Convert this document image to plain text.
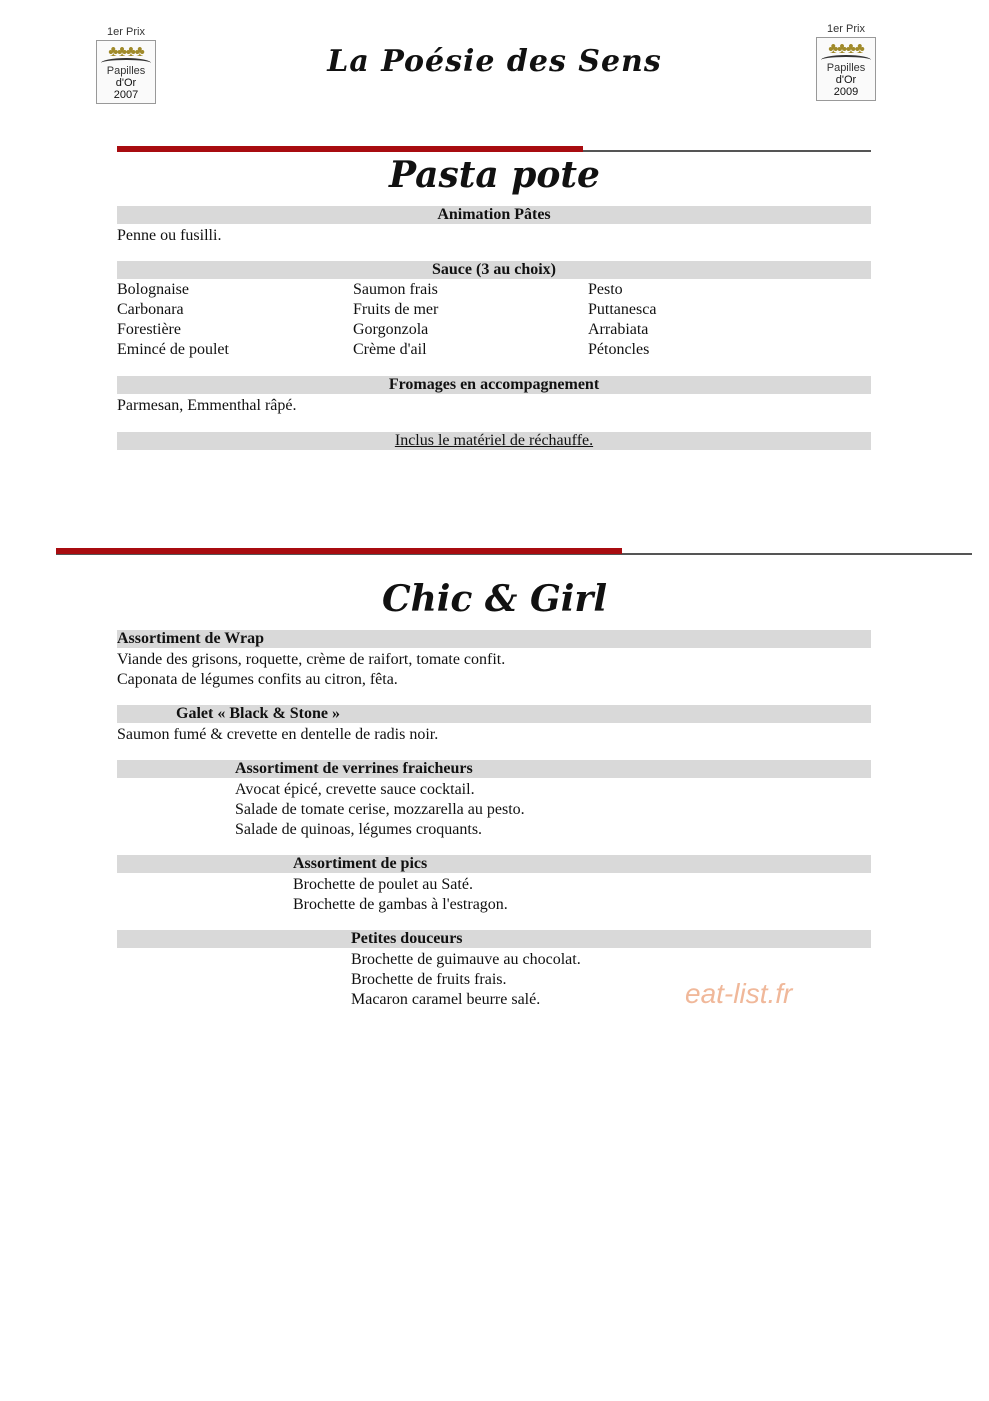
1er Prix
♣♣♣♣
Papilles
d'Or
2007
La Poésie des Sens
1er Prix
♣♣♣♣
Papilles
d'Or
2009
Pasta pote
Animation Pâtes
Penne ou fusilli.
Sauce (3 au choix)
Bolognaise
Carbonara
Forestière
Emincé de poulet
Saumon frais
Fruits de mer
Gorgonzola
Crème d'ail
Pesto
Puttanesca
Arrabiata
Pétoncles
Fromages en accompagnement
Parmesan, Emmenthal râpé.
Inclus le matériel de réchauffe.
Chic & Girl
Assortiment de Wrap
Viande des grisons, roquette, crème de raifort, tomate confit.
Caponata de légumes confits au citron, fêta.
Galet « Black & Stone »
Saumon fumé & crevette en dentelle de radis noir.
Assortiment de verrines fraicheurs
Avocat épicé, crevette sauce cocktail.
Salade de tomate cerise, mozzarella au pesto.
Salade de quinoas, légumes croquants.
Assortiment de pics
Brochette de poulet au Saté.
Brochette de gambas à l'estragon.
Petites douceurs
Brochette de guimauve au chocolat.
Brochette de fruits frais.
Macaron caramel beurre salé.	eat-list.fr
